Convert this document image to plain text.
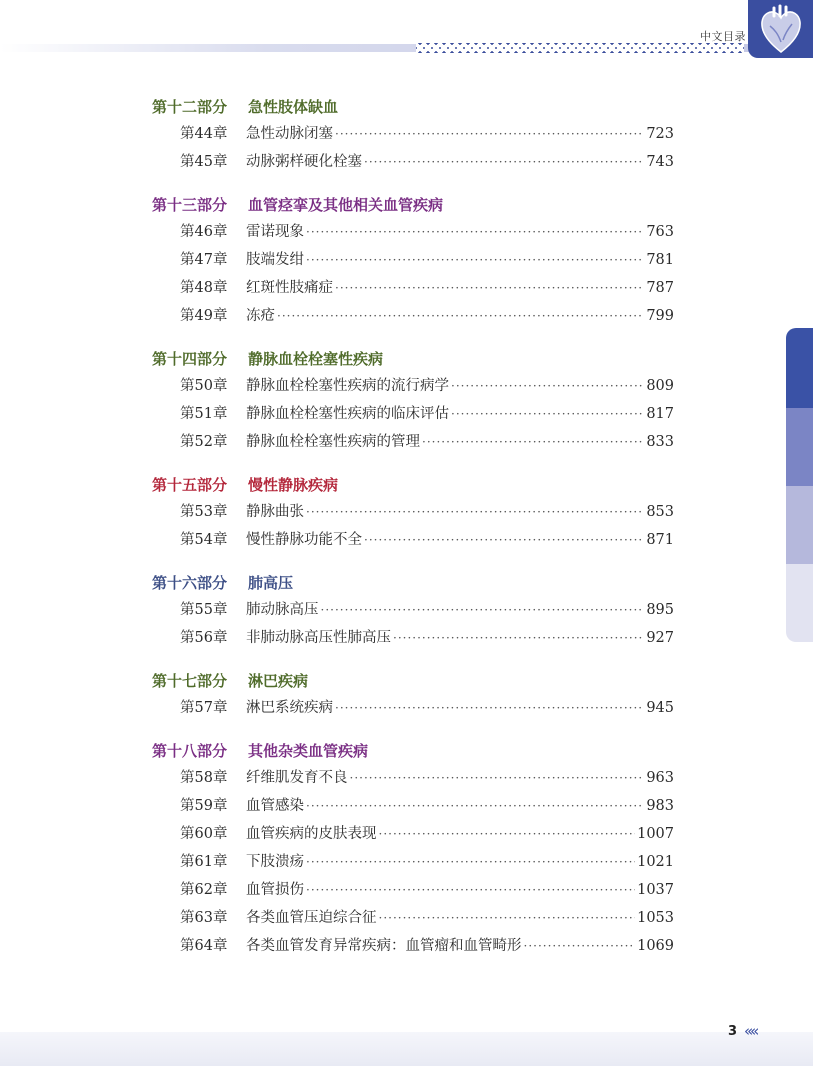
中文目录
第十二部分	急性肢体缺血
第44章	急性动脉闭塞 ·····	723
第45章	动脉粥样硬化栓塞 ·····	743
第十三部分	血管痉挛及其他相关血管疾病
第46章	雷诺现象 ·····	763
第47章	肢端发绀 ·····	781
第48章	红斑性肢痛症 ·····	787
第49章	冻疮 ·····	799
第十四部分	静脉血栓栓塞性疾病
第50章	静脉血栓栓塞性疾病的流行病学 ·····	809
第51章	静脉血栓栓塞性疾病的临床评估 ·····	817
第52章	静脉血栓栓塞性疾病的管理 ·····	833
第十五部分	慢性静脉疾病
第53章	静脉曲张 ·····	853
第54章	慢性静脉功能不全 ·····	871
第十六部分	肺高压
第55章	肺动脉高压 ·····	895
第56章	非肺动脉高压性肺高压 ·····	927
第十七部分	淋巴疾病
第57章	淋巴系统疾病 ·····	945
第十八部分	其他杂类血管疾病
第58章	纤维肌发育不良 ·····	963
第59章	血管感染 ·····	983
第60章	血管疾病的皮肤表现 ·····	1007
第61章	下肢溃疡 ·····	1021
第62章	血管损伤 ·····	1037
第63章	各类血管压迫综合征 ·····	1053
第64章	各类血管发育异常疾病：血管瘤和血管畸形 ·····	1069
3 ««
